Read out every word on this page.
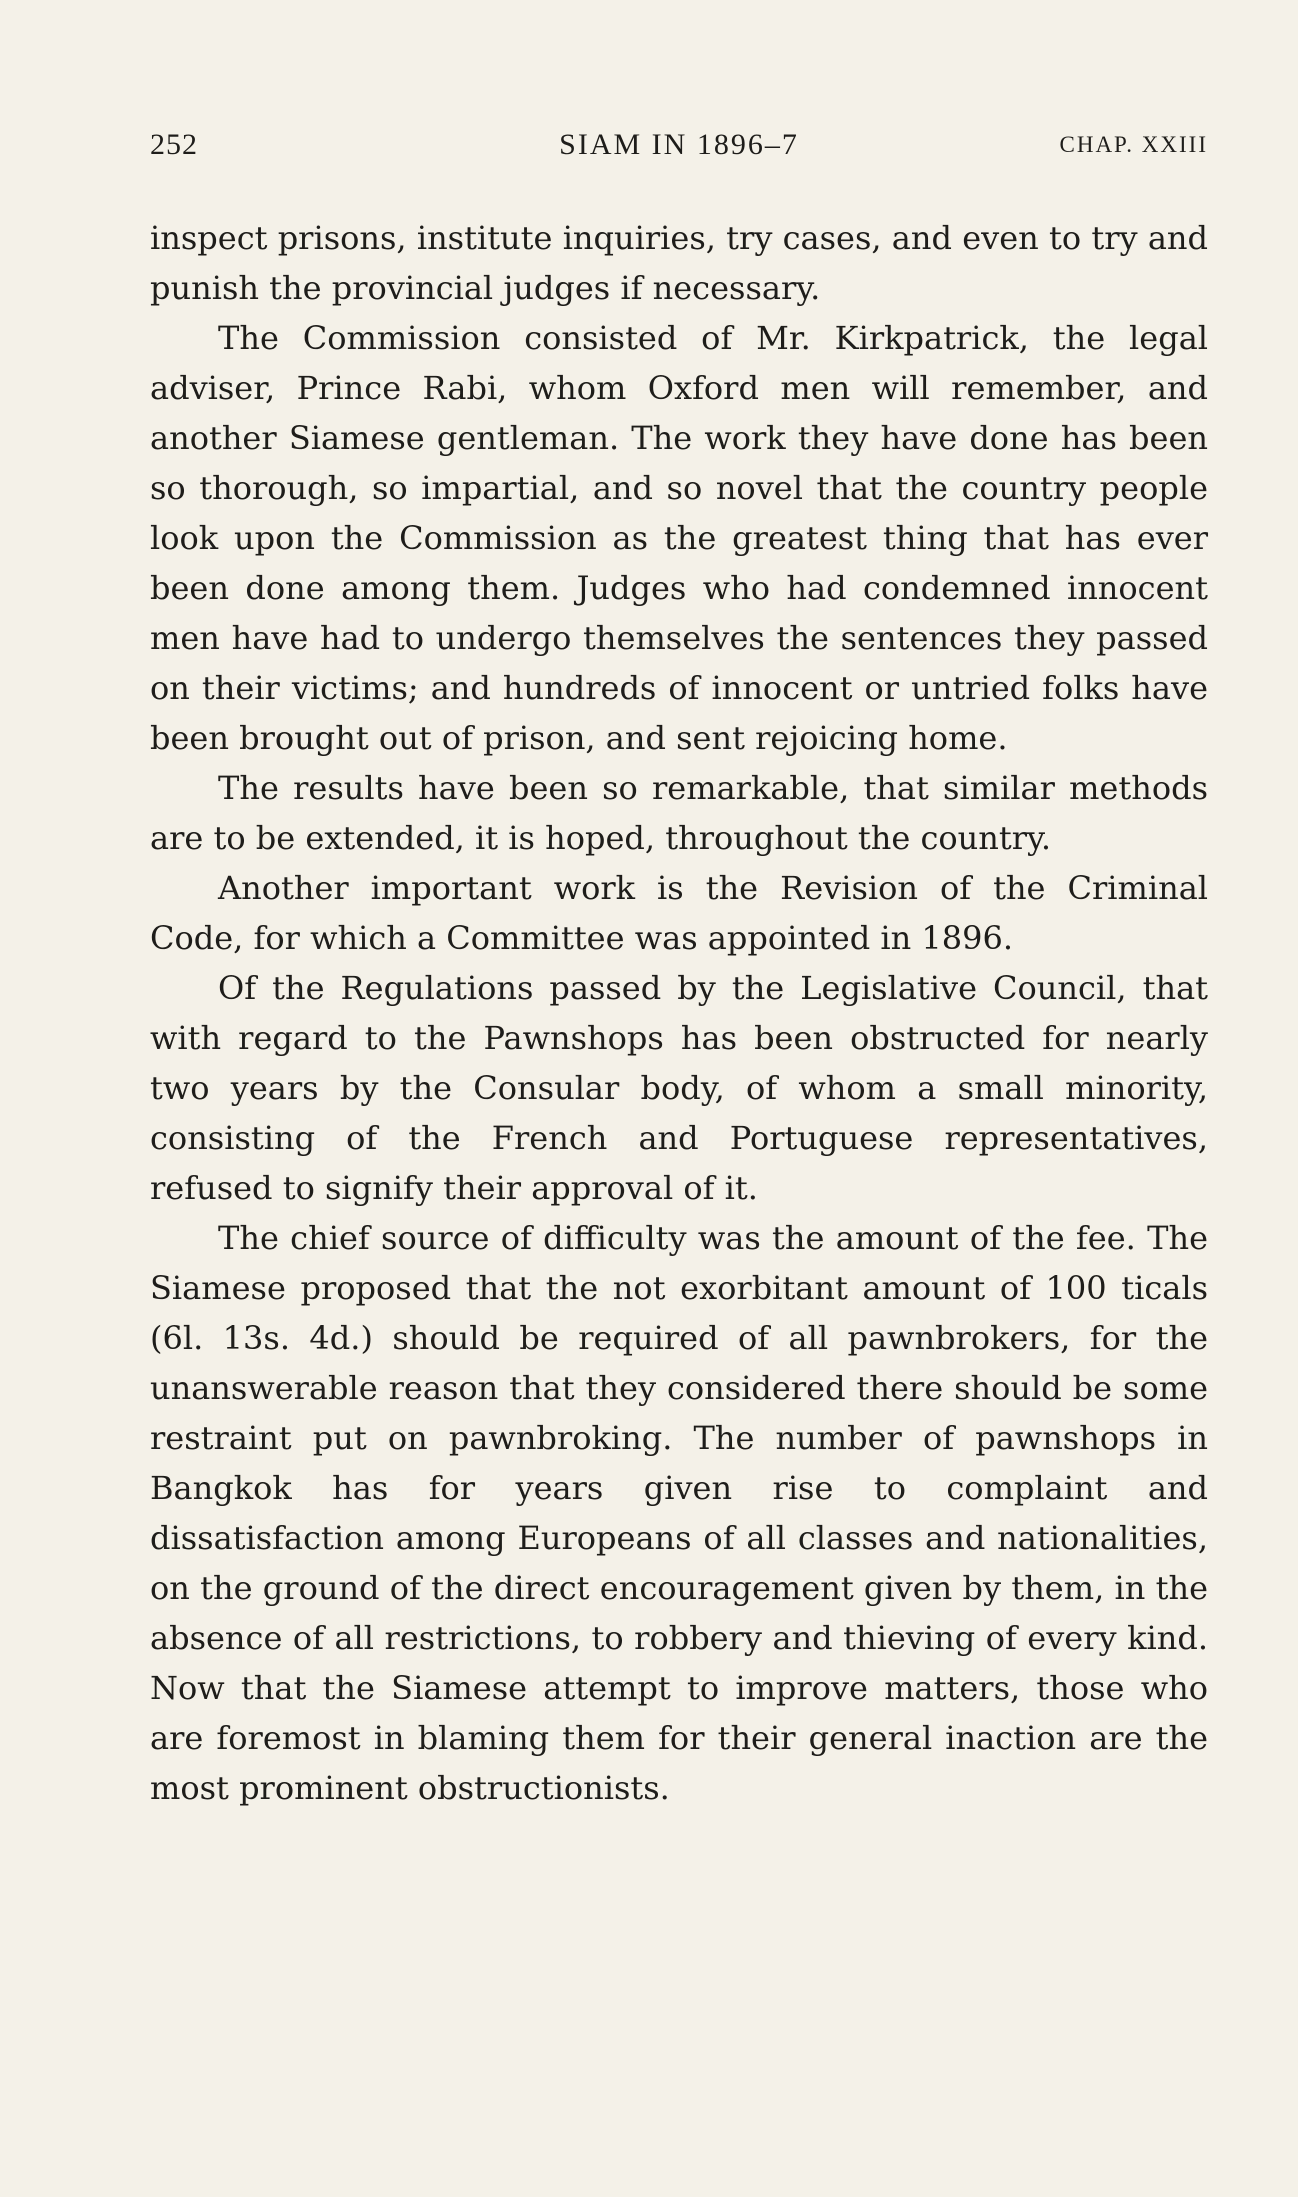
252	SIAM IN 1896–7	CHAP. XXIII

inspect prisons, institute inquiries, try cases, and even to try and punish the provincial judges if necessary.

The Commission consisted of Mr. Kirkpatrick, the legal adviser, Prince Rabi, whom Oxford men will remember, and another Siamese gentleman. The work they have done has been so thorough, so impartial, and so novel that the country people look upon the Commission as the greatest thing that has ever been done among them. Judges who had condemned innocent men have had to undergo themselves the sentences they passed on their victims; and hundreds of innocent or untried folks have been brought out of prison, and sent rejoicing home.

The results have been so remarkable, that similar methods are to be extended, it is hoped, throughout the country.

Another important work is the Revision of the Criminal Code, for which a Committee was appointed in 1896.

Of the Regulations passed by the Legislative Council, that with regard to the Pawnshops has been obstructed for nearly two years by the Consular body, of whom a small minority, consisting of the French and Portuguese representatives, refused to signify their approval of it.

The chief source of difficulty was the amount of the fee. The Siamese proposed that the not exorbitant amount of 100 ticals (6l. 13s. 4d.) should be required of all pawnbrokers, for the unanswerable reason that they considered there should be some restraint put on pawnbroking. The number of pawnshops in Bangkok has for years given rise to complaint and dissatisfaction among Europeans of all classes and nationalities, on the ground of the direct encouragement given by them, in the absence of all restrictions, to robbery and thieving of every kind. Now that the Siamese attempt to improve matters, those who are foremost in blaming them for their general inaction are the most prominent obstructionists.
